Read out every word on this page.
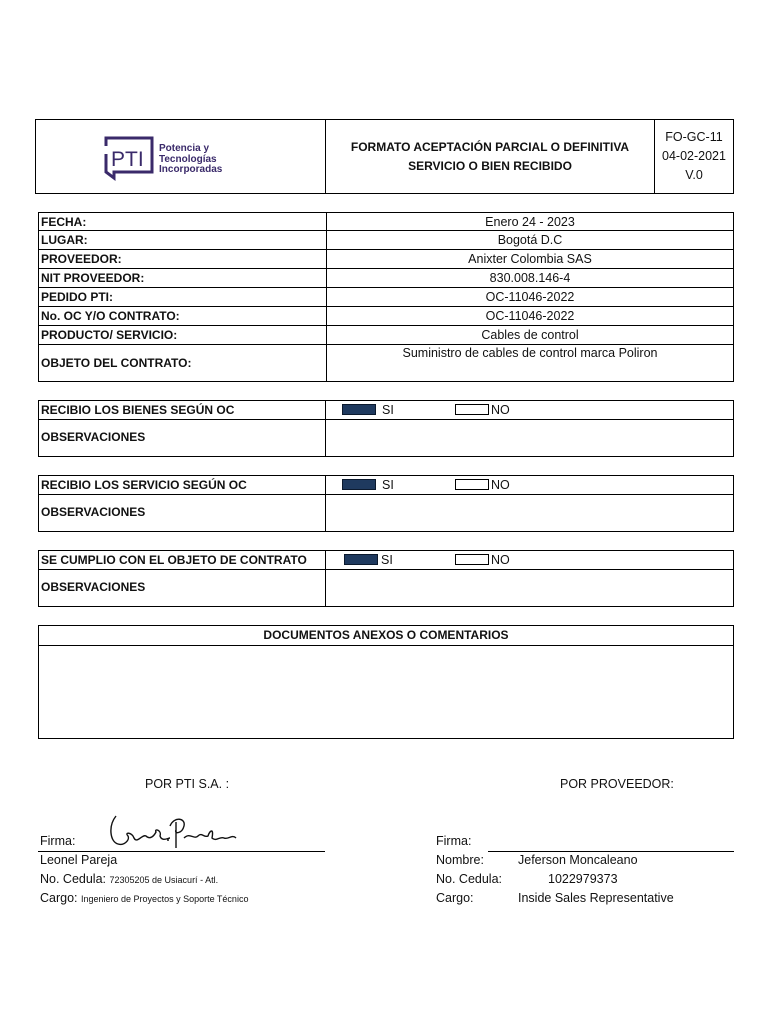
PTI Potencia y
Tecnologías
Incorporadas
FORMATO ACEPTACIÓN PARCIAL O DEFINITIVA
SERVICIO O BIEN RECIBIDO
FO-GC-11
04-02-2021
V.0
FECHA:	Enero 24 - 2023
LUGAR:	Bogotá D.C
PROVEEDOR:	Anixter Colombia SAS
NIT PROVEEDOR:	830.008.146-4
PEDIDO PTI:	OC-11046-2022
No. OC Y/O CONTRATO:	OC-11046-2022
PRODUCTO/ SERVICIO:	Cables de control
OBJETO DEL CONTRATO:
Suministro de cables de control marca Poliron
RECIBIO LOS BIENES SEGÚN OC	SI	NO
OBSERVACIONES
RECIBIO LOS SERVICIO SEGÚN OC	SI	NO
OBSERVACIONES
SE CUMPLIO CON EL OBJETO DE CONTRATO	SI	NO
OBSERVACIONES
DOCUMENTOS ANEXOS O COMENTARIOS
POR PTI S.A. :	POR PROVEEDOR:
Firma:
Leonel Pareja
No. Cedula: 72305205 de Usiacurí - Atl.
Cargo: Ingeniero de Proyectos y Soporte Técnico
Firma:
Nombre:	Jeferson Moncaleano
No. Cedula:	1022979373
Cargo:	Inside Sales Representative
